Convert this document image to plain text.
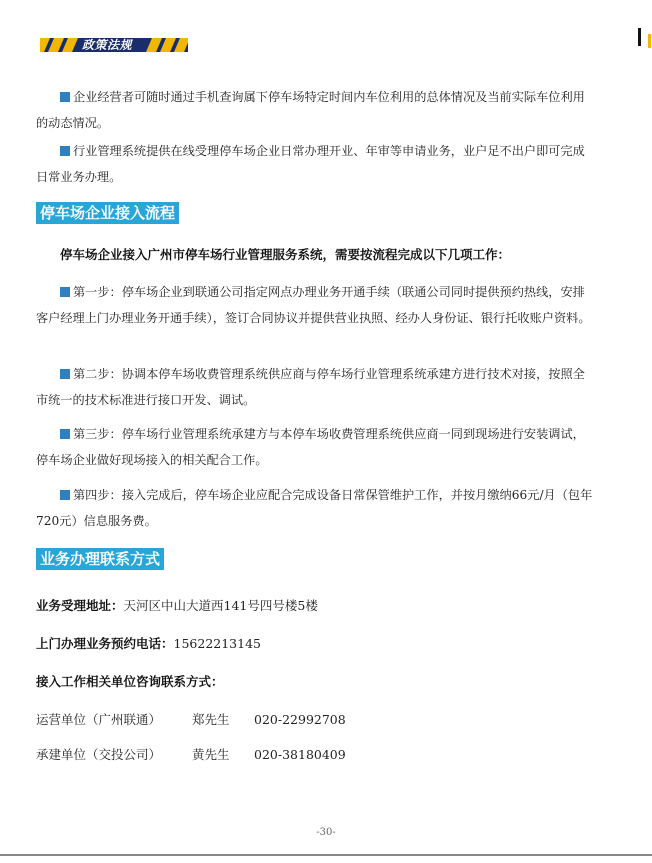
政策法规
企业经营者可随时通过手机查询属下停车场特定时间内车位利用的总体情况及当前实际车位利用的动态情况。
行业管理系统提供在线受理停车场企业日常办理开业、年审等申请业务，业户足不出户即可完成日常业务办理。
停车场企业接入流程
停车场企业接入广州市停车场行业管理服务系统，需要按流程完成以下几项工作：
第一步：停车场企业到联通公司指定网点办理业务开通手续（联通公司同时提供预约热线，安排客户经理上门办理业务开通手续），签订合同协议并提供营业执照、经办人身份证、银行托收账户资料。
第二步：协调本停车场收费管理系统供应商与停车场行业管理系统承建方进行技术对接，按照全市统一的技术标准进行接口开发、调试。
第三步：停车场行业管理系统承建方与本停车场收费管理系统供应商一同到现场进行安装调试，停车场企业做好现场接入的相关配合工作。
第四步：接入完成后，停车场企业应配合完成设备日常保管维护工作，并按月缴纳66元/月（包年720元）信息服务费。
业务办理联系方式
业务受理地址：天河区中山大道西141号四号楼5楼
上门办理业务预约电话：15622213145
接入工作相关单位咨询联系方式：
运营单位（广州联通） 郑先生 020-22992708
承建单位（交投公司） 黄先生 020-38180409
-30-
